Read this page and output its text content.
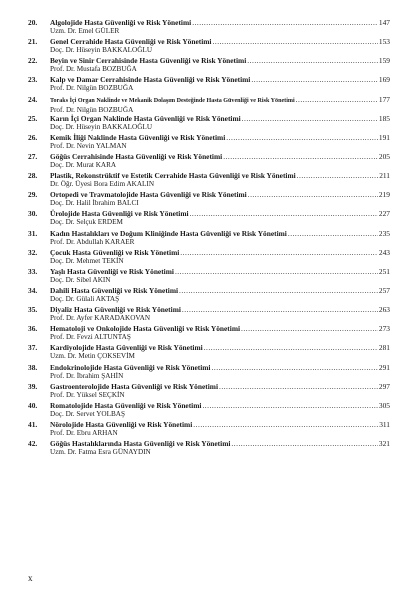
20.	Algolojide Hasta Güvenliği ve Risk Yönetimi .....	147
Uzm. Dr. Emel GÜLER
21.	Genel Cerrahide Hasta Güvenliği ve Risk Yönetimi .....	153
Doç. Dr. Hüseyin BAKKALOĞLU
22.	Beyin ve Sinir Cerrahisinde Hasta Güvenliği ve Risk Yönetimi .....	159
Prof. Dr. Mustafa BOZBUĞA
23.	Kalp ve Damar Cerrahisinde Hasta Güvenliği ve Risk Yönetimi .....	169
Prof. Dr. Nilgün BOZBUĞA
24.	Toraks İçi Organ Naklinde ve Mekanik Dolaşım Desteğinde Hasta Güvenliği ve Risk Yönetimi .....	177
Prof. Dr. Nilgün BOZBUĞA
25.	Karın İçi Organ Naklinde Hasta Güvenliği ve Risk Yönetimi .....	185
Doç. Dr. Hüseyin BAKKALOĞLU
26.	Kemik İliği Naklinde Hasta Güvenliği ve Risk Yönetimi .....	191
Prof. Dr. Nevin YALMAN
27.	Göğüs Cerrahisinde Hasta Güvenliği ve Risk Yönetimi .....	205
Doç. Dr. Murat KARA
28.	Plastik, Rekonstrüktif ve Estetik Cerrahide Hasta Güvenliği ve Risk Yönetimi .....	211
Dr. Öğr. Üyesi Bora Edim AKALIN
29.	Ortopedi ve Travmatolojide Hasta Güvenliği ve Risk Yönetimi .....	219
Doç. Dr. Halil İbrahim BALCI
30.	Ürolojide Hasta Güvenliği ve Risk Yönetimi .....	227
Doç. Dr. Selçuk ERDEM
31.	Kadın Hastalıkları ve Doğum Kliniğinde Hasta Güvenliği ve Risk Yönetimi .....	235
Prof. Dr. Abdullah KARAER
32.	Çocuk Hasta Güvenliği ve Risk Yönetimi .....	243
Doç. Dr. Mehmet TEKİN
33.	Yaşlı Hasta Güvenliği ve Risk Yönetimi .....	251
Doç. Dr. Sibel AKIN
34.	Dahili Hasta Güvenliği ve Risk Yönetimi .....	257
Doç. Dr. Gülali AKTAŞ
35.	Diyaliz Hasta Güvenliği ve Risk Yönetimi .....	263
Prof. Dr. Ayfer KARADAKOVAN
36.	Hematoloji ve Onkolojide Hasta Güvenliği ve Risk Yönetimi .....	273
Prof. Dr. Fevzi ALTUNTAŞ
37.	Kardiyolojide Hasta Güvenliği ve Risk Yönetimi .....	281
Uzm. Dr. Metin ÇOKSEVİM
38.	Endokrinolojide Hasta Güvenliği ve Risk Yönetimi .....	291
Prof. Dr. İbrahim ŞAHİN
39.	Gastroenterolojide Hasta Güvenliği ve Risk Yönetimi .....	297
Prof. Dr. Yüksel SEÇKİN
40.	Romatolojide Hasta Güvenliği ve Risk Yönetimi .....	305
Doç. Dr. Servet YOLBAŞ
41.	Nörolojide Hasta Güvenliği ve Risk Yönetimi .....	311
Prof. Dr. Ebru ARHAN
42.	Göğüs Hastalıklarında Hasta Güvenliği ve Risk Yönetimi .....	321
Uzm. Dr. Fatma Esra GÜNAYDIN
x
